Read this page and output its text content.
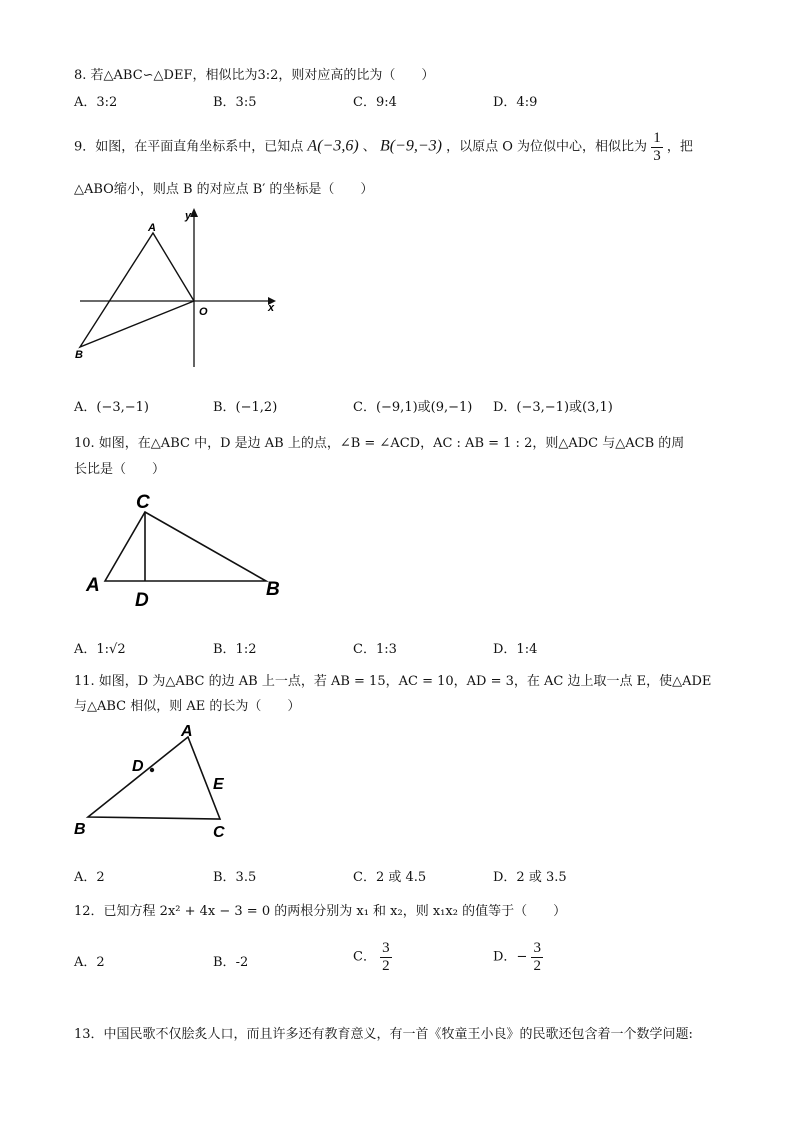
8. 若△ABC∽△DEF，相似比为3:2，则对应高的比为（　　）
A．3:2	B．3:5	C．9:4	D．4:9
9．如图，在平面直角坐标系中，已知点 A(−3,6) 、 B(−9,−3) ，以原点 O 为位似中心，相似比为 $\frac{1}{3}$ ，把
△ABO缩小，则点 B 的对应点 B′ 的坐标是（　　）
A
B
O	x
y
A．(−3,−1)	B．(−1,2)	C．(−9,1)或(9,−1) D．(−3,−1)或(3,1)
10. 如图，在△ABC 中，D 是边 AB 上的点，∠B = ∠ACD，AC : AB = 1 : 2，则△ADC 与△ACB 的周
长比是（　　）
C
A
D
B
A．1:√2	B．1:2	C．1:3	D．1:4
11. 如图，D 为△ABC 的边 AB 上一点，若 AB = 15，AC = 10，AD = 3，在 AC 边上取一点 E，使△ADE
与△ABC 相似，则 AE 的长为（　　）
A
D
E
B	C
A．2	B．3.5	C．2 或 4.5	D．2 或 3.5
12．已知方程 2x² + 4x − 3 = 0 的两根分别为 x₁ 和 x₂，则 x₁x₂ 的值等于（　　）
A．2	B．-2	C． $\frac{3}{2}$	D．− $\frac{3}{2}$
13．中国民歌不仅脍炙人口，而且许多还有教育意义，有一首《牧童王小良》的民歌还包含着一个数学问题:
